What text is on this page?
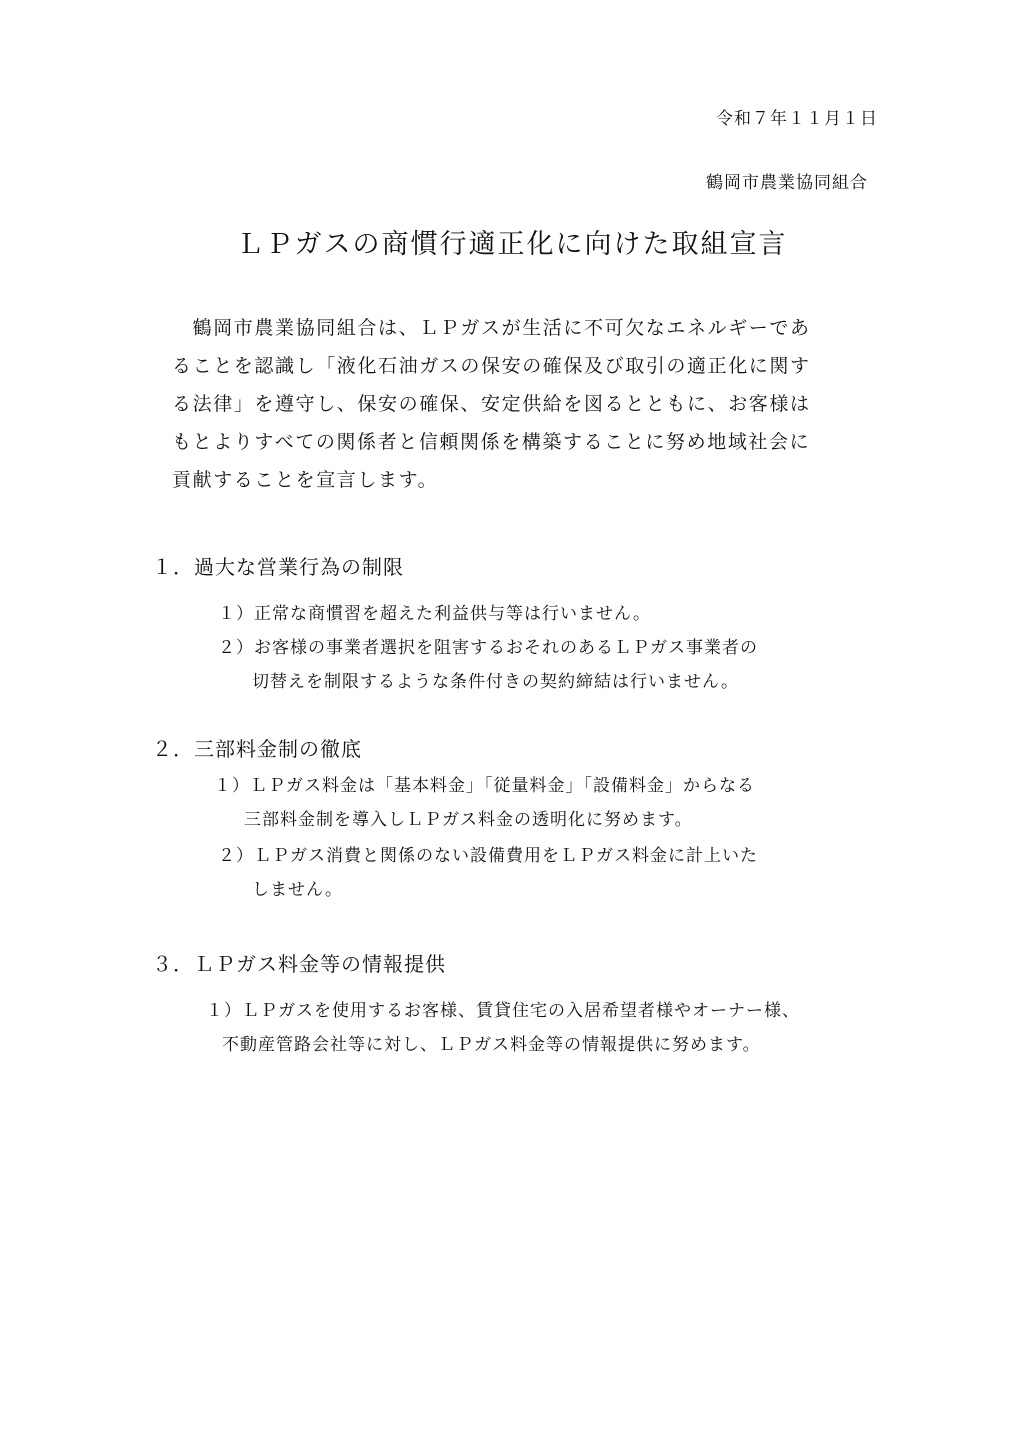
令和７年１１月１日
鶴岡市農業協同組合
ＬＰガスの商慣行適正化に向けた取組宣言
　鶴岡市農業協同組合は、ＬＰガスが生活に不可欠なエネルギーであ
ることを認識し「液化石油ガスの保安の確保及び取引の適正化に関す
る法律」を遵守し、保安の確保、安定供給を図るとともに、お客様は
もとよりすべての関係者と信頼関係を構築することに努め地域社会に
貢献することを宣言します。
１．過大な営業行為の制限
１）正常な商慣習を超えた利益供与等は行いません。
２）お客様の事業者選択を阻害するおそれのあるＬＰガス事業者の
切替えを制限するような条件付きの契約締結は行いません。
２．三部料金制の徹底
１）ＬＰガス料金は「基本料金」「従量料金」「設備料金」からなる
三部料金制を導入しＬＰガス料金の透明化に努めます。
２）ＬＰガス消費と関係のない設備費用をＬＰガス料金に計上いた
しません。
３．ＬＰガス料金等の情報提供
１）ＬＰガスを使用するお客様、賃貸住宅の入居希望者様やオーナー様、
不動産管路会社等に対し、ＬＰガス料金等の情報提供に努めます。
